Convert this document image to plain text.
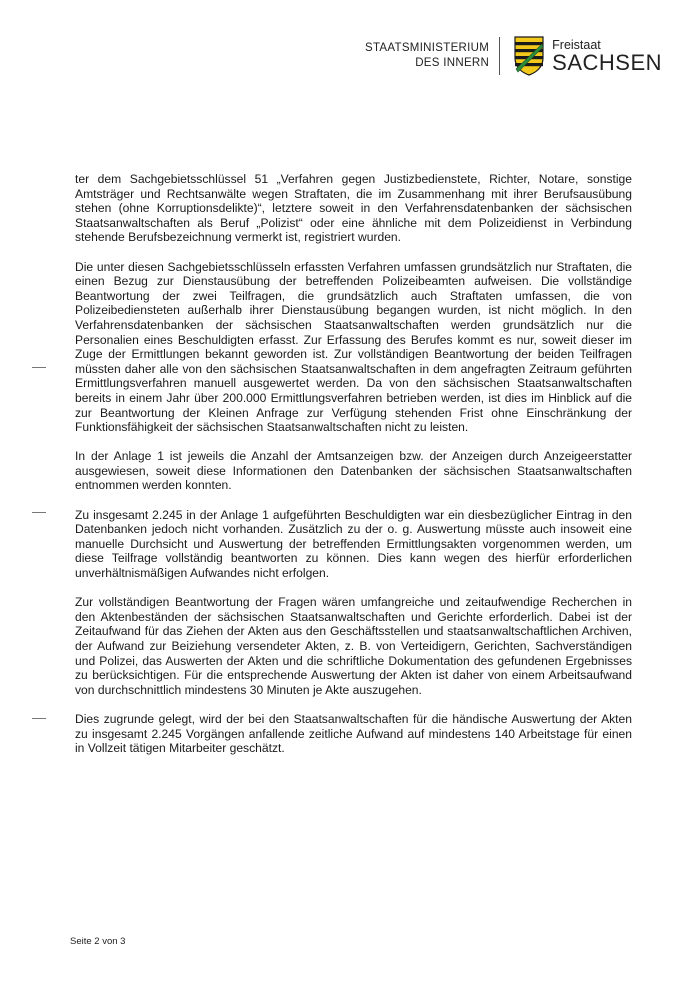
STAATSMINISTERIUM
DES INNERN
Freistaat
SACHSEN

ter dem Sachgebietsschlüssel 51 „Verfahren gegen Justizbedienstete, Richter, Notare, sonstige Amtsträger und Rechtsanwälte wegen Straftaten, die im Zusammenhang mit ihrer Berufsausübung stehen (ohne Korruptionsdelikte)“, letztere soweit in den Verfahrensdatenbanken der sächsischen Staatsanwaltschaften als Beruf „Polizist“ oder eine ähnliche mit dem Polizeidienst in Verbindung stehende Berufsbezeichnung vermerkt ist, registriert wurden.

Die unter diesen Sachgebietsschlüsseln erfassten Verfahren umfassen grundsätzlich nur Straftaten, die einen Bezug zur Dienstausübung der betreffenden Polizeibeamten aufweisen. Die vollständige Beantwortung der zwei Teilfragen, die grundsätzlich auch Straftaten umfassen, die von Polizeibediensteten außerhalb ihrer Dienstausübung begangen wurden, ist nicht möglich. In den Verfahrensdatenbanken der sächsischen Staatsanwaltschaften werden grundsätzlich nur die Personalien eines Beschuldigten erfasst. Zur Erfassung des Berufes kommt es nur, soweit dieser im Zuge der Ermittlungen bekannt geworden ist. Zur vollständigen Beantwortung der beiden Teilfragen müssten daher alle von den sächsischen Staatsanwaltschaften in dem angefragten Zeitraum geführten Ermittlungsverfahren manuell ausgewertet werden. Da von den sächsischen Staatsanwaltschaften bereits in einem Jahr über 200.000 Ermittlungsverfahren betrieben werden, ist dies im Hinblick auf die zur Beantwortung der Kleinen Anfrage zur Verfügung stehenden Frist ohne Einschränkung der Funktionsfähigkeit der sächsischen Staatsanwaltschaften nicht zu leisten.

In der Anlage 1 ist jeweils die Anzahl der Amtsanzeigen bzw. der Anzeigen durch Anzeigeerstatter ausgewiesen, soweit diese Informationen den Datenbanken der sächsischen Staatsanwaltschaften entnommen werden konnten.

Zu insgesamt 2.245 in der Anlage 1 aufgeführten Beschuldigten war ein diesbezüglicher Eintrag in den Datenbanken jedoch nicht vorhanden. Zusätzlich zu der o. g. Auswertung müsste auch insoweit eine manuelle Durchsicht und Auswertung der betreffenden Ermittlungsakten vorgenommen werden, um diese Teilfrage vollständig beantworten zu können. Dies kann wegen des hierfür erforderlichen unverhältnismäßigen Aufwandes nicht erfolgen.

Zur vollständigen Beantwortung der Fragen wären umfangreiche und zeitaufwendige Recherchen in den Aktenbeständen der sächsischen Staatsanwaltschaften und Gerichte erforderlich. Dabei ist der Zeitaufwand für das Ziehen der Akten aus den Geschäftsstellen und staatsanwaltschaftlichen Archiven, der Aufwand zur Beiziehung versendeter Akten, z. B. von Verteidigern, Gerichten, Sachverständigen und Polizei, das Auswerten der Akten und die schriftliche Dokumentation des gefundenen Ergebnisses zu berücksichtigen. Für die entsprechende Auswertung der Akten ist daher von einem Arbeitsaufwand von durchschnittlich mindestens 30 Minuten je Akte auszugehen.

Dies zugrunde gelegt, wird der bei den Staatsanwaltschaften für die händische Auswertung der Akten zu insgesamt 2.245 Vorgängen anfallende zeitliche Aufwand auf mindestens 140 Arbeitstage für einen in Vollzeit tätigen Mitarbeiter geschätzt.

Seite 2 von 3
